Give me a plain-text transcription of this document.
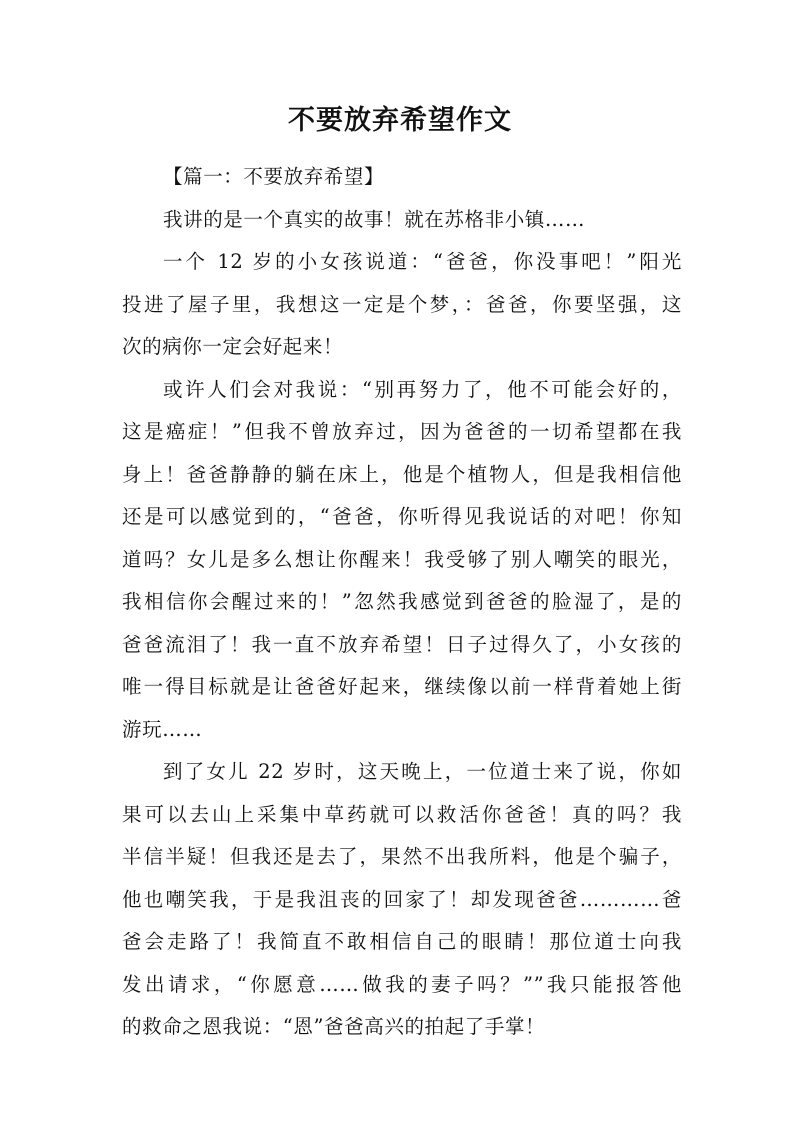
不要放弃希望作文
【篇一：不要放弃希望】
我讲的是一个真实的故事！就在苏格非小镇……
一个 12 岁的小女孩说道：“爸爸，你没事吧！”阳光
投进了屋子里，我想这一定是个梦，：爸爸，你要坚强，这
次的病你一定会好起来！
或许人们会对我说：“别再努力了，他不可能会好的，
这是癌症！”但我不曾放弃过，因为爸爸的一切希望都在我
身上！爸爸静静的躺在床上，他是个植物人，但是我相信他
还是可以感觉到的，“爸爸，你听得见我说话的对吧！你知
道吗？女儿是多么想让你醒来！我受够了别人嘲笑的眼光，
我相信你会醒过来的！”忽然我感觉到爸爸的脸湿了，是的
爸爸流泪了！我一直不放弃希望！日子过得久了，小女孩的
唯一得目标就是让爸爸好起来，继续像以前一样背着她上街
游玩……
到了女儿 22 岁时，这天晚上，一位道士来了说，你如
果可以去山上采集中草药就可以救活你爸爸！真的吗？我
半信半疑！但我还是去了，果然不出我所料，他是个骗子，
他也嘲笑我，于是我沮丧的回家了！却发现爸爸…………爸
爸会走路了！我简直不敢相信自己的眼睛！那位道士向我
发出请求，“你愿意……做我的妻子吗？””我只能报答他
的救命之恩我说：“恩”爸爸高兴的拍起了手掌！
